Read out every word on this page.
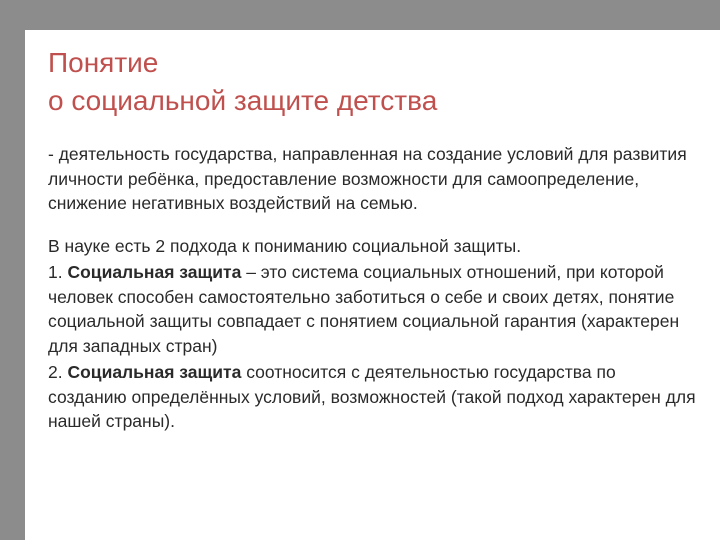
Понятие
о социальной защите детства

- деятельность государства, направленная на создание условий для развития личности ребёнка, предоставление возможности для самоопределение, снижение негативных воздействий на семью.

В науке есть 2 подхода к пониманию социальной защиты.

1. Социальная защита – это система социальных отношений, при которой человек способен самостоятельно заботиться о себе и своих детях, понятие социальной защиты совпадает с понятием социальной гарантия (характерен для западных стран)

2. Социальная защита соотносится с деятельностью государства по созданию определённых условий, возможностей (такой подход характерен для нашей страны).
